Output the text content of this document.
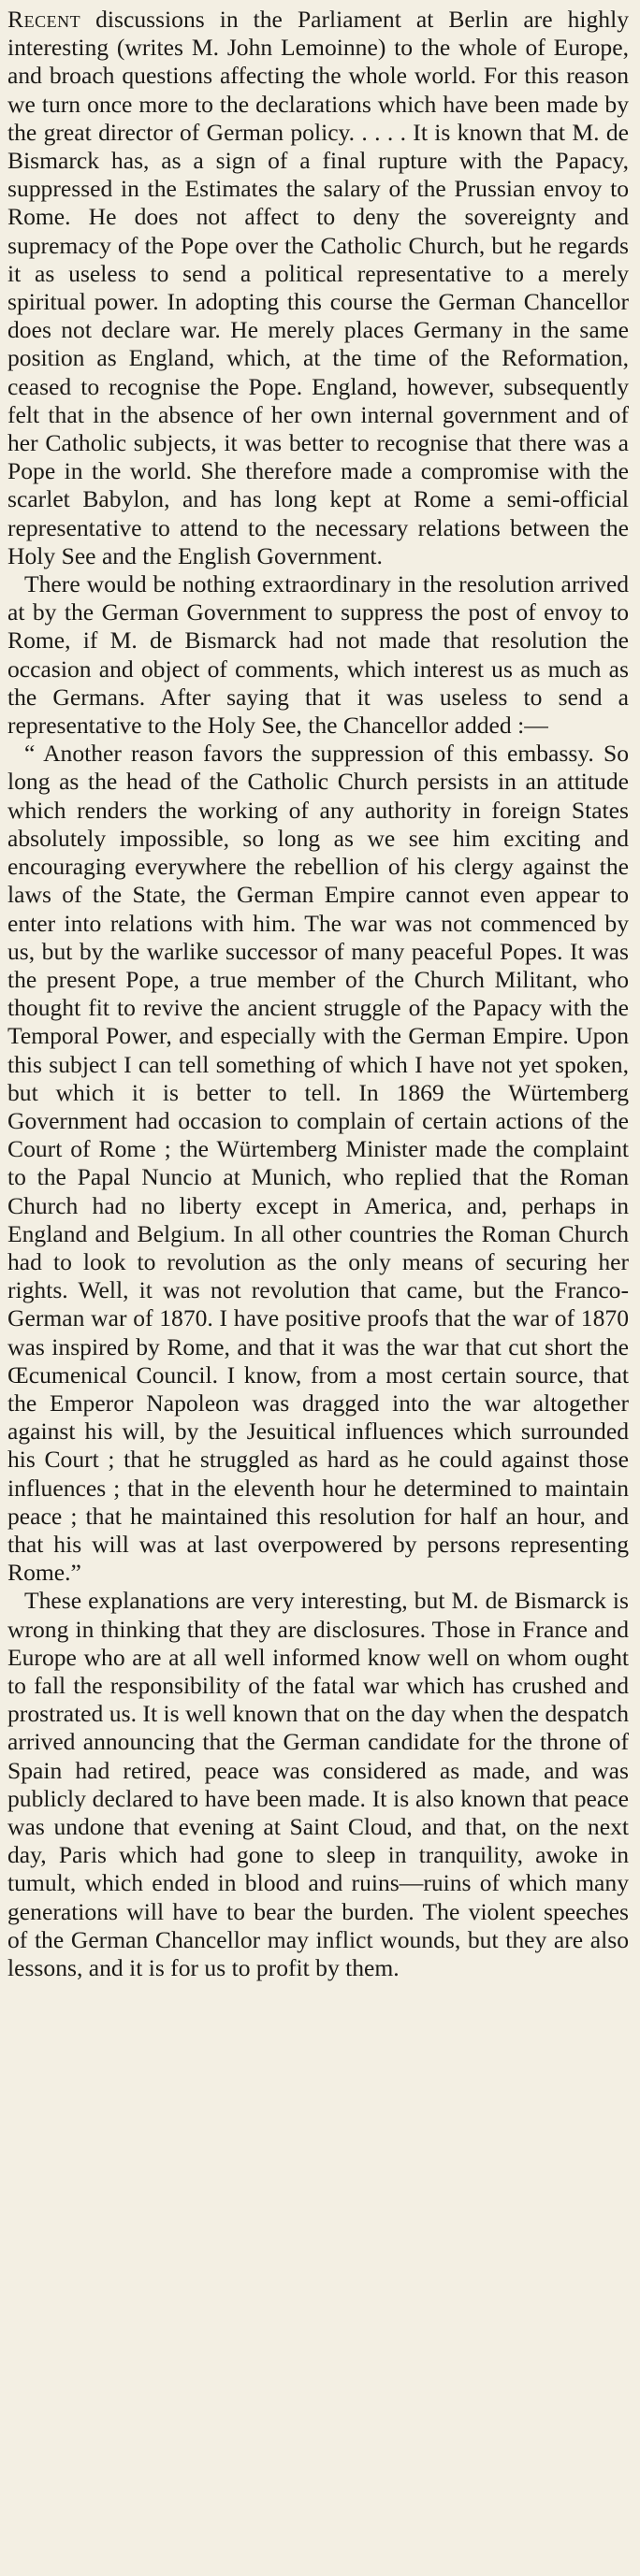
Recent discussions in the Parliament at Berlin are highly interesting (writes M. John Lemoinne) to the whole of Europe, and broach questions affecting the whole world. For this reason we turn once more to the declarations which have been made by the great director of German policy. . . . . It is known that M. de Bismarck has, as a sign of a final rupture with the Papacy, suppressed in the Estimates the salary of the Prussian envoy to Rome. He does not affect to deny the sovereignty and supremacy of the Pope over the Catholic Church, but he regards it as useless to send a political representative to a merely spiritual power. In adopting this course the German Chancellor does not declare war. He merely places Germany in the same position as England, which, at the time of the Reformation, ceased to recognise the Pope. England, however, subsequently felt that in the absence of her own internal government and of her Catholic subjects, it was better to recognise that there was a Pope in the world. She therefore made a compromise with the scarlet Babylon, and has long kept at Rome a semi-official representative to attend to the necessary relations between the Holy See and the English Government.

There would be nothing extraordinary in the resolution arrived at by the German Government to suppress the post of envoy to Rome, if M. de Bismarck had not made that resolution the occasion and object of comments, which interest us as much as the Germans. After saying that it was useless to send a representative to the Holy See, the Chancellor added :—

“ Another reason favors the suppression of this embassy. So long as the head of the Catholic Church persists in an attitude which renders the working of any authority in foreign States absolutely impossible, so long as we see him exciting and encouraging everywhere the rebellion of his clergy against the laws of the State, the German Empire cannot even appear to enter into relations with him. The war was not commenced by us, but by the warlike successor of many peaceful Popes. It was the present Pope, a true member of the Church Militant, who thought fit to revive the ancient struggle of the Papacy with the Temporal Power, and especially with the German Empire. Upon this subject I can tell something of which I have not yet spoken, but which it is better to tell. In 1869 the Würtemberg Government had occasion to complain of certain actions of the Court of Rome ; the Würtemberg Minister made the complaint to the Papal Nuncio at Munich, who replied that the Roman Church had no liberty except in America, and, perhaps in England and Belgium. In all other countries the Roman Church had to look to revolution as the only means of securing her rights. Well, it was not revolution that came, but the Franco-German war of 1870. I have positive proofs that the war of 1870 was inspired by Rome, and that it was the war that cut short the Œcumenical Council. I know, from a most certain source, that the Emperor Napoleon was dragged into the war altogether against his will, by the Jesuitical influences which surrounded his Court ; that he struggled as hard as he could against those influences ; that in the eleventh hour he determined to maintain peace ; that he maintained this resolution for half an hour, and that his will was at last overpowered by persons representing Rome.”

These explanations are very interesting, but M. de Bismarck is wrong in thinking that they are disclosures. Those in France and Europe who are at all well informed know well on whom ought to fall the responsibility of the fatal war which has crushed and prostrated us. It is well known that on the day when the despatch arrived announcing that the German candidate for the throne of Spain had retired, peace was considered as made, and was publicly declared to have been made. It is also known that peace was undone that evening at Saint Cloud, and that, on the next day, Paris which had gone to sleep in tranquility, awoke in tumult, which ended in blood and ruins—ruins of which many generations will have to bear the burden. The violent speeches of the German Chancellor may inflict wounds, but they are also lessons, and it is for us to profit by them.
